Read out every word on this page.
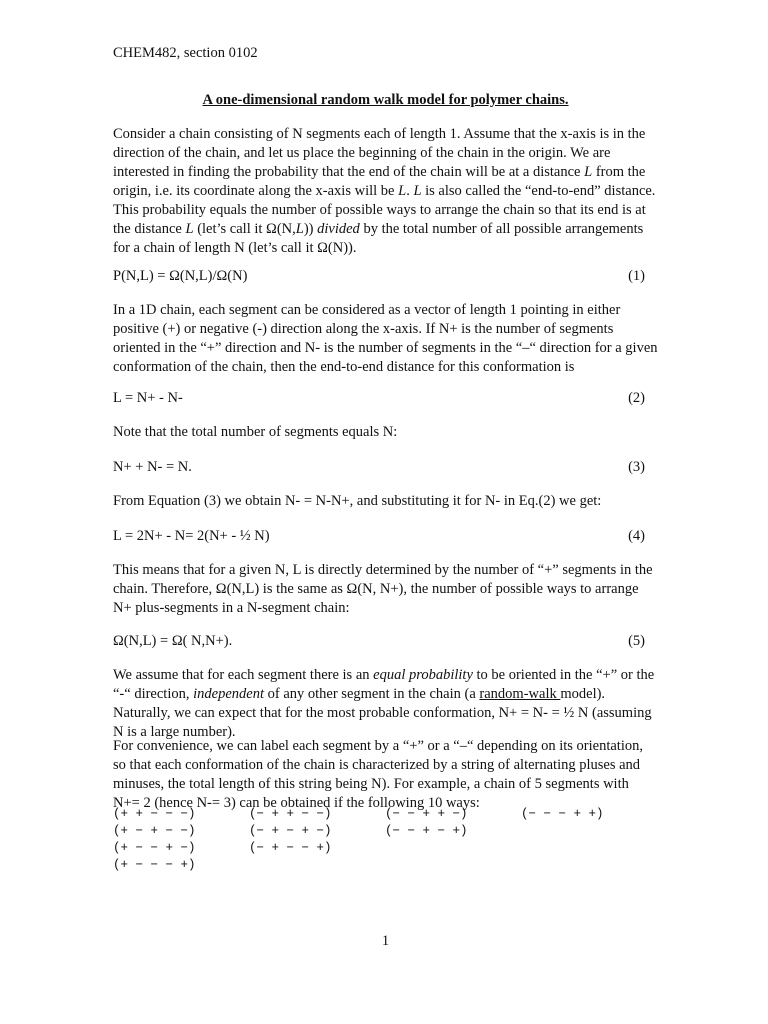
CHEM482, section 0102
A one-dimensional random walk model for polymer chains.
Consider a chain consisting of N segments each of length 1. Assume that the x-axis is in the direction of the chain, and let us place the beginning of the chain in the origin. We are interested in finding the probability that the end of the chain will be at a distance L from the origin, i.e. its coordinate along the x-axis will be L. L is also called the “end-to-end” distance. This probability equals the number of possible ways to arrange the chain so that its end is at the distance L (let’s call it Ω(N,L)) divided by the total number of all possible arrangements for a chain of length N (let’s call it Ω(N)).
P(N,L) = Ω(N,L)/Ω(N)	(1)
In a 1D chain, each segment can be considered as a vector of length 1 pointing in either positive (+) or negative (-) direction along the x-axis. If N+ is the number of segments oriented in the “+” direction and N- is the number of segments in the “–“ direction for a given conformation of the chain, then the end-to-end distance for this conformation is
L = N+ - N-	(2)
Note that the total number of segments equals N:
N+ + N- = N.	(3)
From Equation (3) we obtain N- = N-N+, and substituting it for N- in Eq.(2) we get:
L = 2N+ - N= 2(N+ - ½ N)	(4)
This means that for a given N, L is directly determined by the number of “+” segments in the chain. Therefore, Ω(N,L) is the same as Ω(N, N+), the number of possible ways to arrange N+ plus-segments in a N-segment chain:
Ω(N,L) = Ω( N,N+).	(5)
We assume that for each segment there is an equal probability to be oriented in the “+” or the “-“ direction, independent of any other segment in the chain (a random-walk model). Naturally, we can expect that for the most probable conformation, N+ = N- = ½ N (assuming N is a large number).
For convenience, we can label each segment by a “+” or a “–“ depending on its orientation, so that each conformation of the chain is characterized by a string of alternating pluses and minuses, the total length of this string being N). For example, a chain of 5 segments with N+= 2 (hence N-= 3) can be obtained if the following 10 ways:
(+ + − − −)	(− + + − −)	(− − + + −)	(− − − + +)
(+ − + − −)	(− + − + −)	(− − + − +)
(+ − − + −)	(− + − − +)
(+ − − − +)
1
